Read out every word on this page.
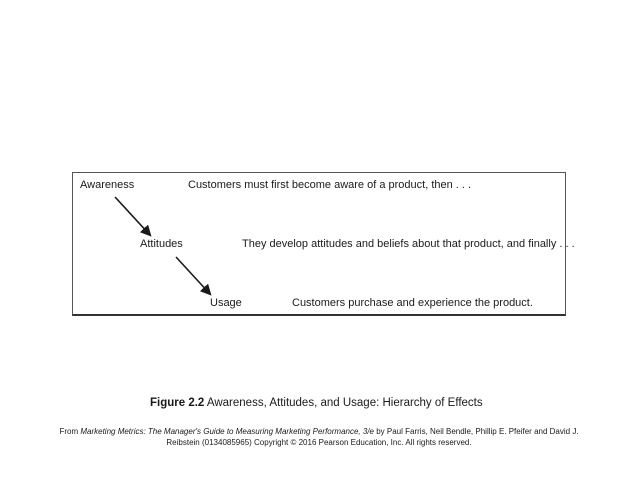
Awareness	Customers must first become aware of a product, then . . .
Attitudes	They develop attitudes and beliefs about that product, and finally . . .
Usage	Customers purchase and experience the product.
Figure 2.2 Awareness, Attitudes, and Usage: Hierarchy of Effects
From Marketing Metrics: The Manager's Guide to Measuring Marketing Performance, 3/e by Paul Farris, Neil Bendle, Phillip E. Pfeifer and David J.
Reibstein (0134085965) Copyright © 2016 Pearson Education, Inc. All rights reserved.
